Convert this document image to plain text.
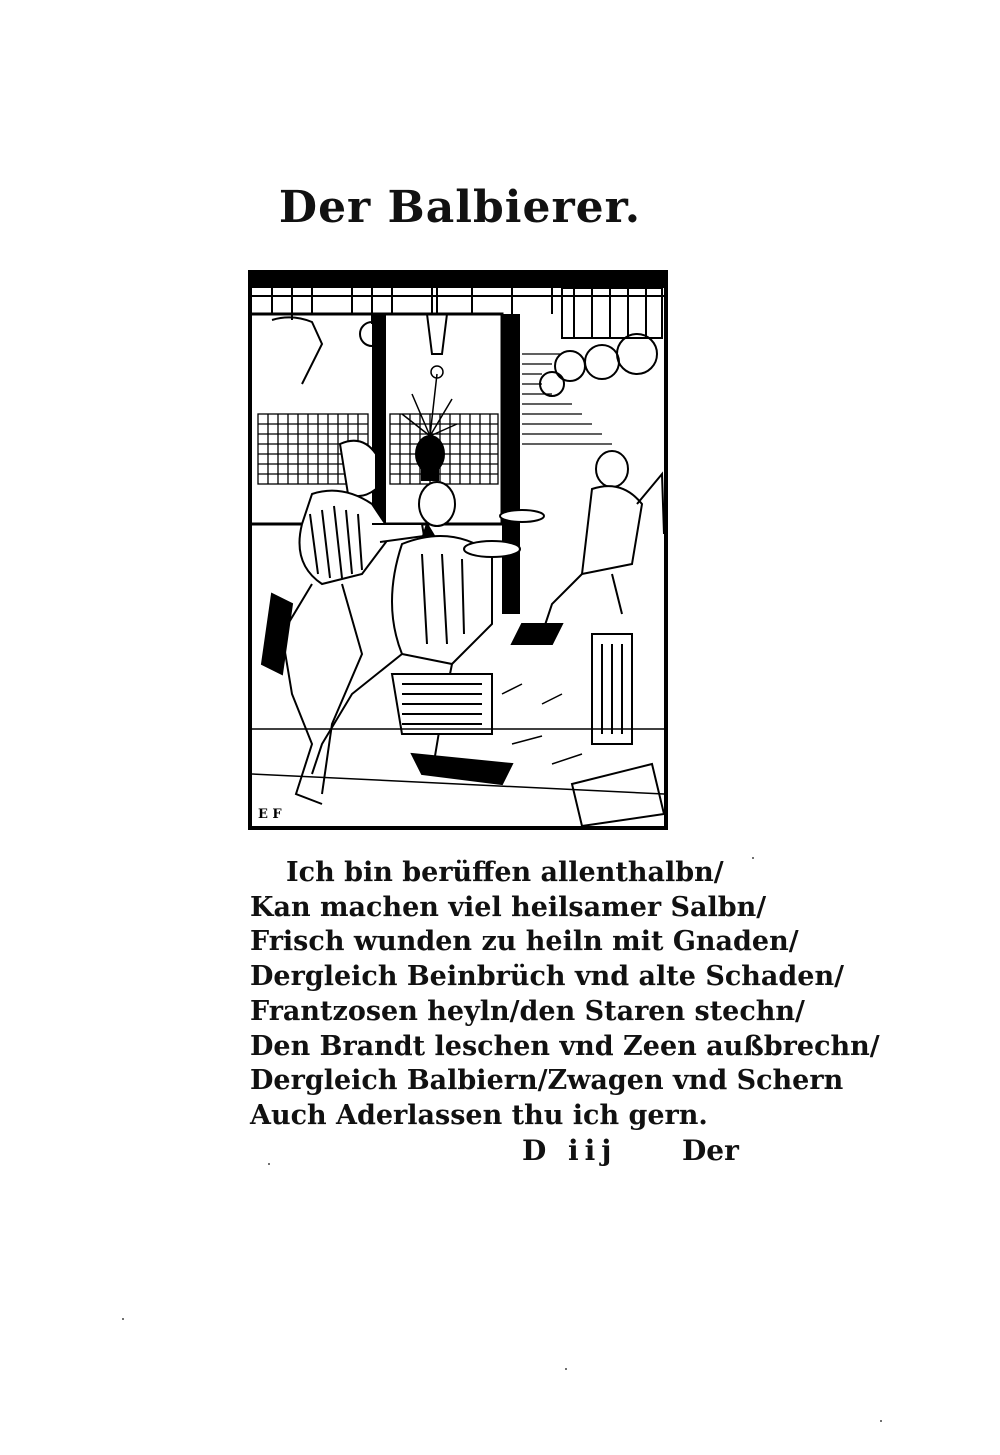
Der Balbierer.
E F
Ich bin berüffen allenthalbn/
Kan machen viel heilsamer Salbn/
Frisch wunden zu heiln mit Gnaden/
Dergleich Beinbrüch vnd alte Schaden/
Frantzosen heyln/den Staren stechn/
Den Brandt leschen vnd Zeen außbrechn/
Dergleich Balbiern/Zwagen vnd Schern
Auch Aderlassen thu ich gern.
D iij Der
